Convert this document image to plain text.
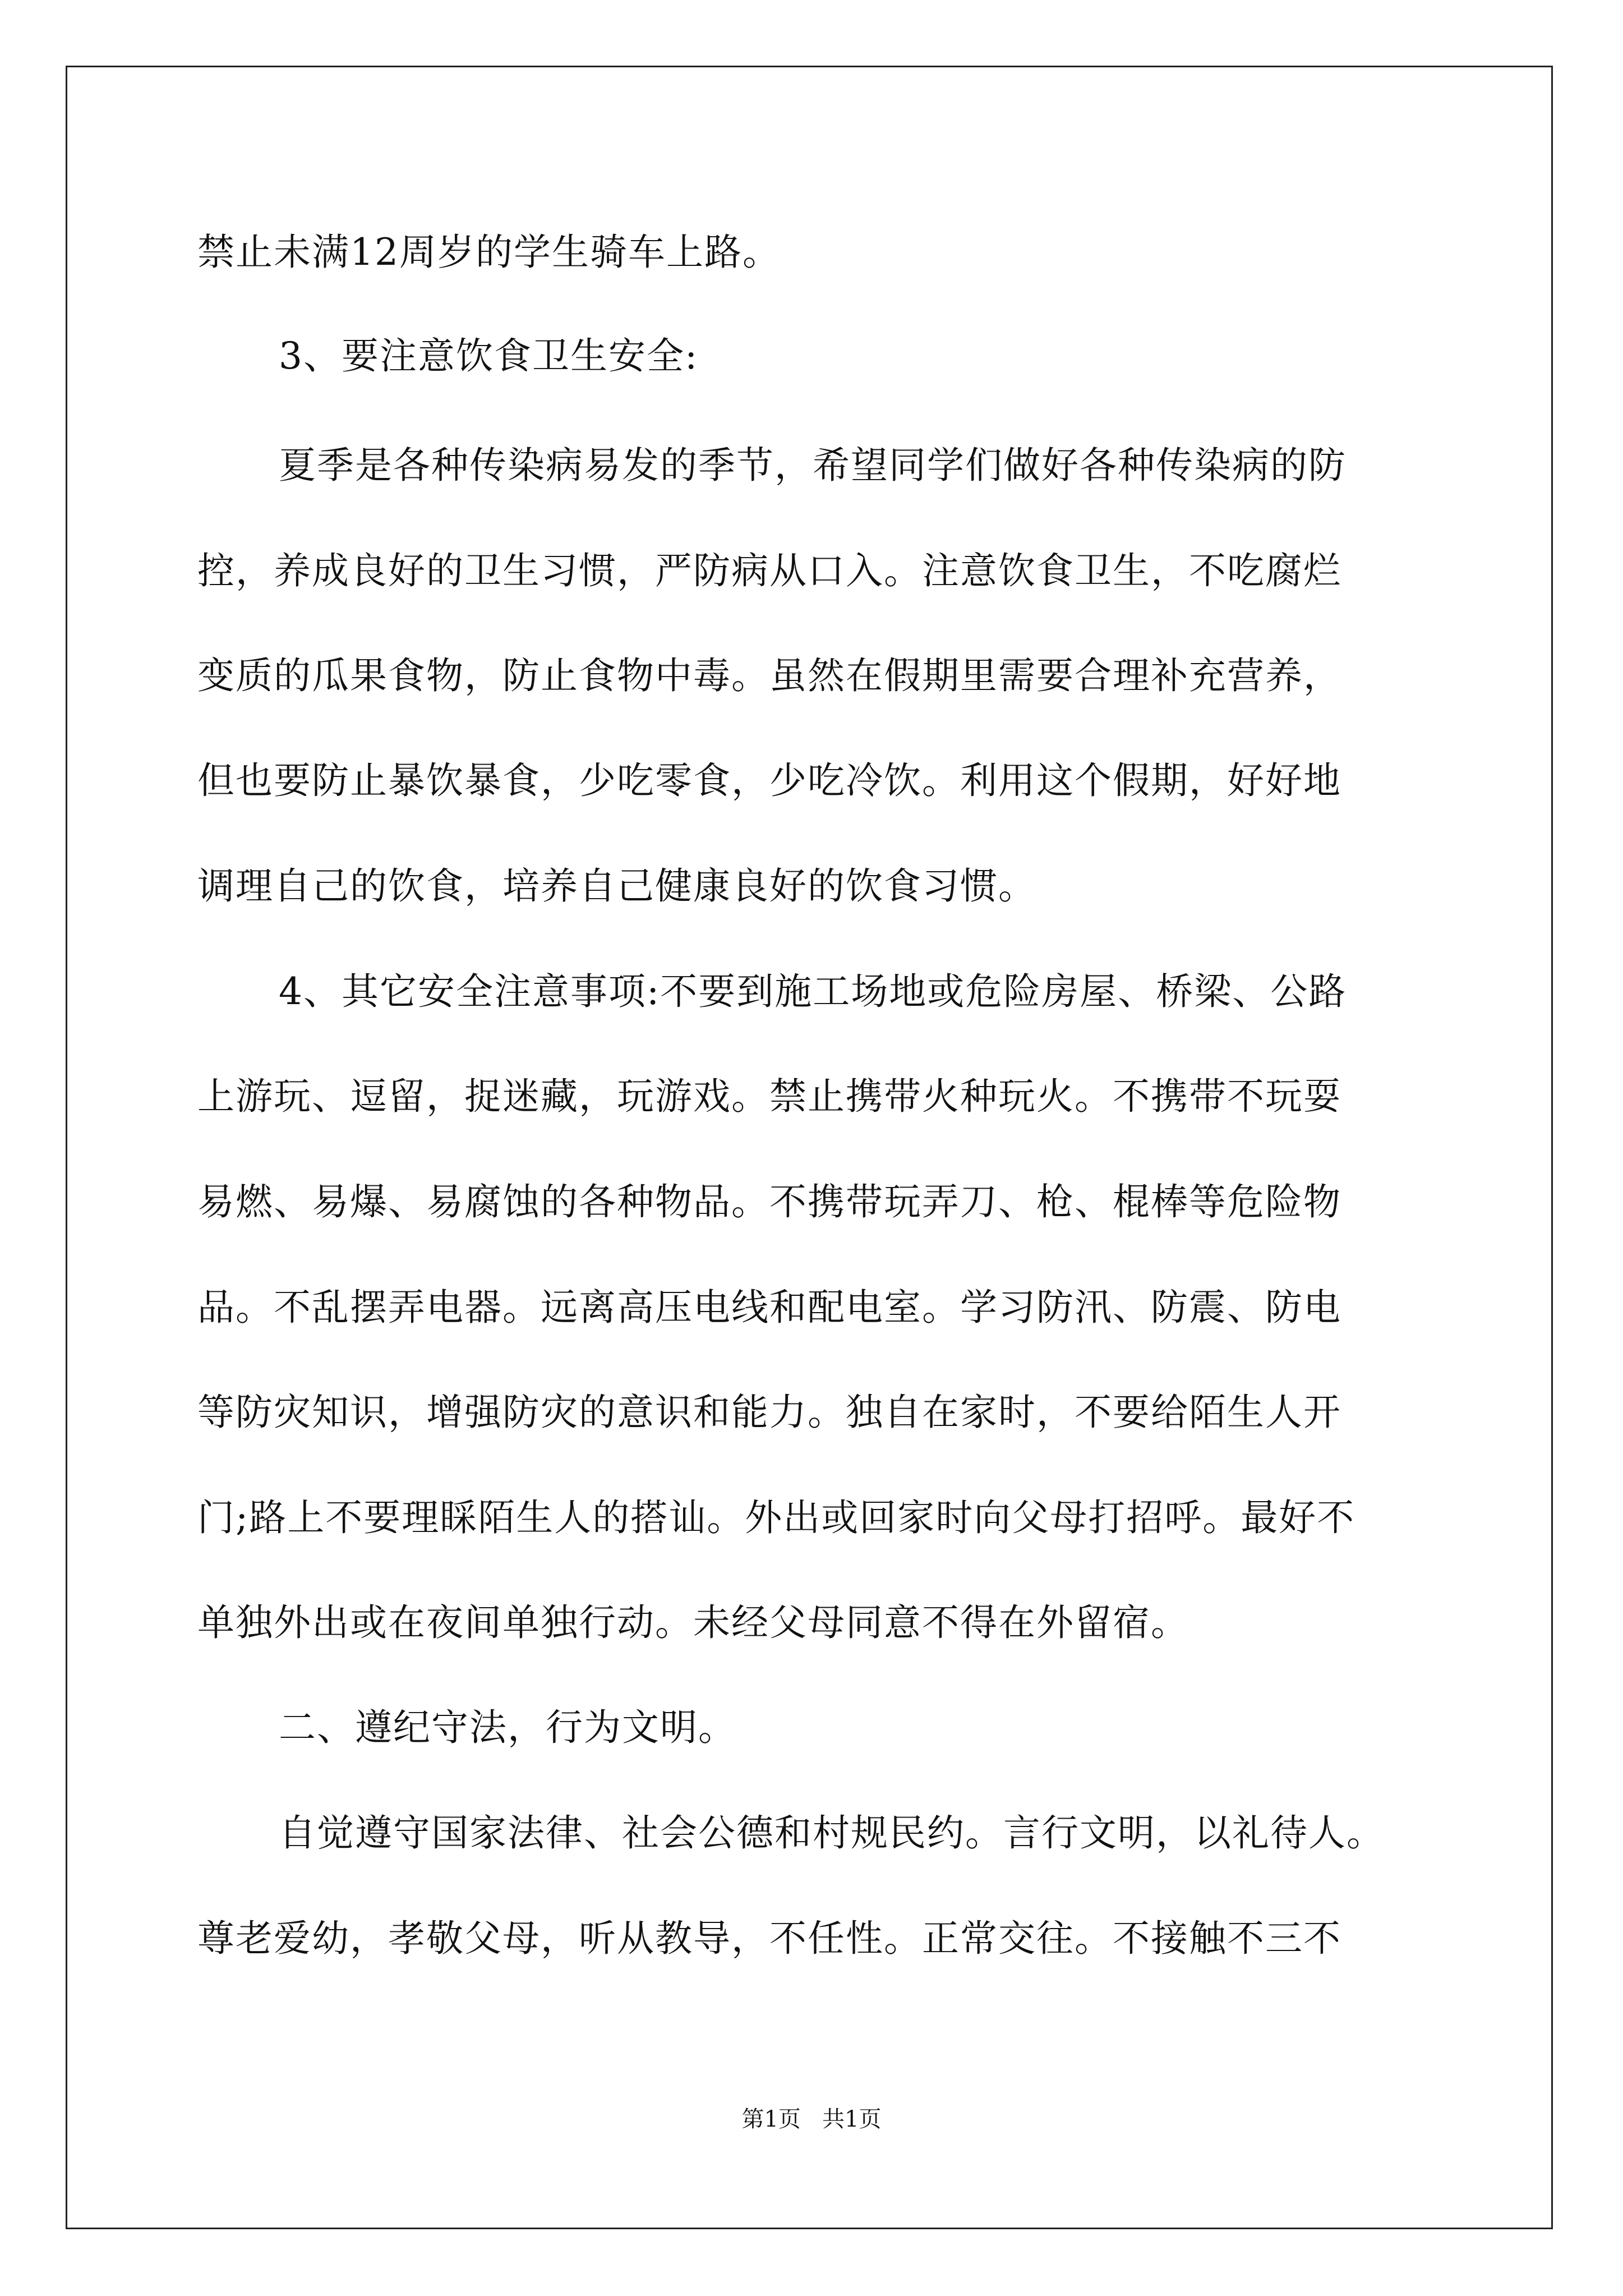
禁止未满12周岁的学生骑车上路。
3、要注意饮食卫生安全:
夏季是各种传染病易发的季节，希望同学们做好各种传染病的防
控，养成良好的卫生习惯，严防病从口入。注意饮食卫生，不吃腐烂
变质的瓜果食物，防止食物中毒。虽然在假期里需要合理补充营养，
但也要防止暴饮暴食，少吃零食，少吃冷饮。利用这个假期，好好地
调理自己的饮食，培养自己健康良好的饮食习惯。
4、其它安全注意事项:不要到施工场地或危险房屋、桥梁、公路
上游玩、逗留，捉迷藏，玩游戏。禁止携带火种玩火。不携带不玩耍
易燃、易爆、易腐蚀的各种物品。不携带玩弄刀、枪、棍棒等危险物
品。不乱摆弄电器。远离高压电线和配电室。学习防汛、防震、防电
等防灾知识，增强防灾的意识和能力。独自在家时，不要给陌生人开
门;路上不要理睬陌生人的搭讪。外出或回家时向父母打招呼。最好不
单独外出或在夜间单独行动。未经父母同意不得在外留宿。
二、遵纪守法，行为文明。
自觉遵守国家法律、社会公德和村规民约。言行文明，以礼待人。
尊老爱幼，孝敬父母，听从教导，不任性。正常交往。不接触不三不
第1页   共1页
